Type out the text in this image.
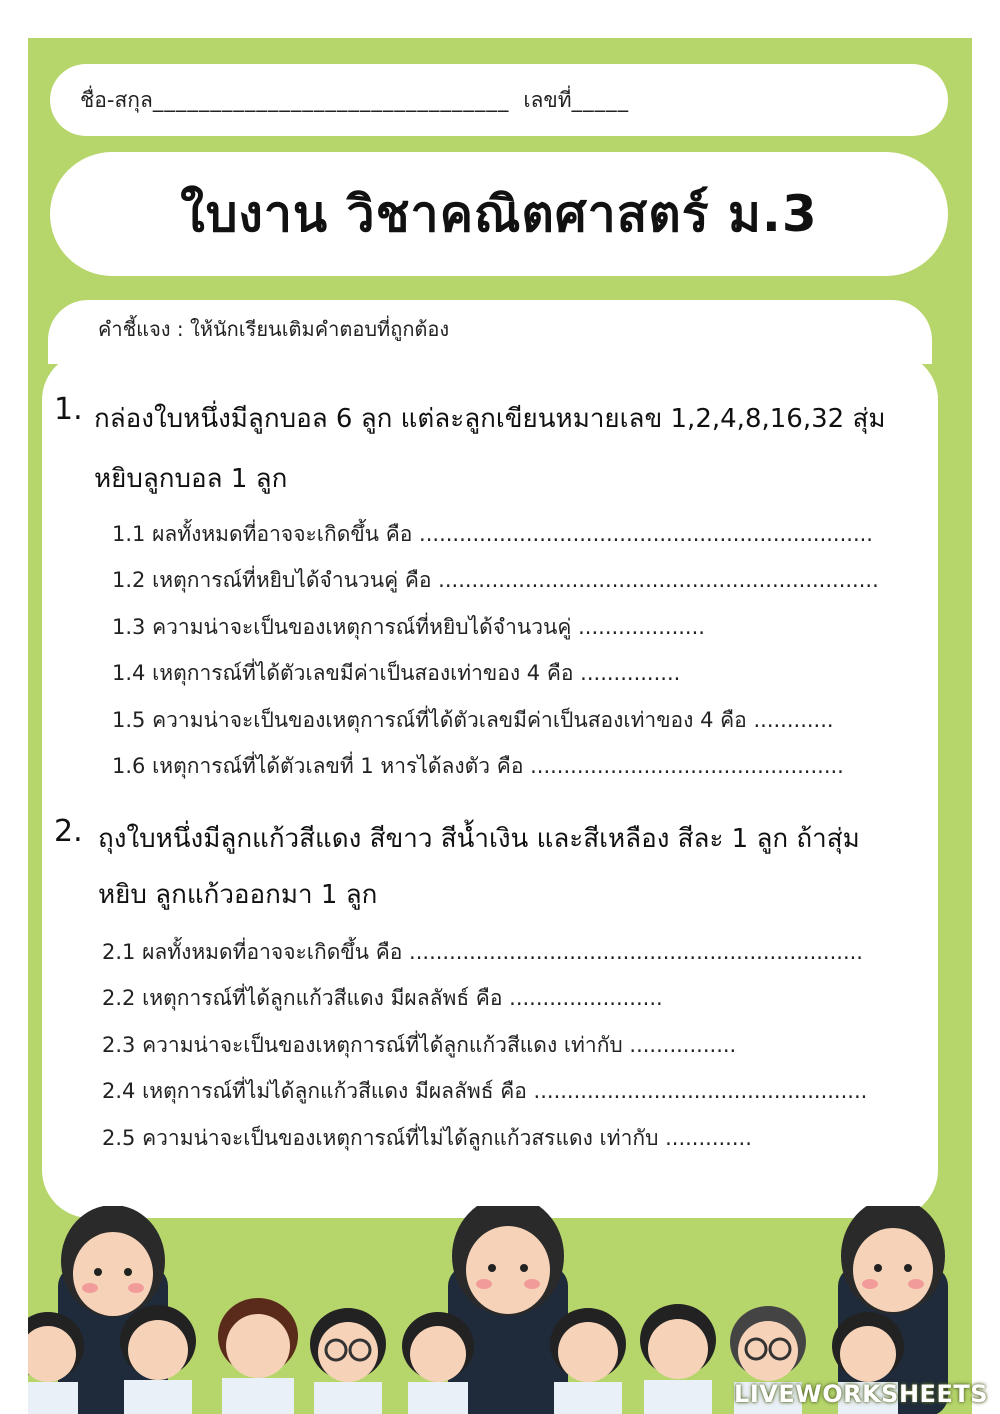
ชื่อ-สกุล _______________________________ เลขที่ _____
ใบงาน วิชาคณิตศาสตร์ ม.3
คำชี้แจง : ให้นักเรียนเติมคำตอบที่ถูกต้อง
1. กล่องใบหนึ่งมีลูกบอล 6 ลูก แต่ละลูกเขียนหมายเลข 1,2,4,8,16,32 สุ่ม
หยิบลูกบอล 1 ลูก
1.1 ผลทั้งหมดที่อาจจะเกิดขึ้น คือ ....................................................................
1.2 เหตุการณ์ที่หยิบได้จำนวนคู่ คือ ..................................................................
1.3 ความน่าจะเป็นของเหตุการณ์ที่หยิบได้จำนวนคู่ ...................
1.4 เหตุการณ์ที่ได้ตัวเลขมีค่าเป็นสองเท่าของ 4 คือ ...............
1.5 ความน่าจะเป็นของเหตุการณ์ที่ได้ตัวเลขมีค่าเป็นสองเท่าของ 4 คือ ............
1.6 เหตุการณ์ที่ได้ตัวเลขที่ 1 หารได้ลงตัว คือ ...............................................
2. ถุงใบหนึ่งมีลูกแก้วสีแดง สีขาว สีน้ำเงิน และสีเหลือง สีละ 1 ลูก ถ้าสุ่ม
หยิบ ลูกแก้วออกมา 1 ลูก
2.1 ผลทั้งหมดที่อาจจะเกิดขึ้น คือ ....................................................................
2.2 เหตุการณ์ที่ได้ลูกแก้วสีแดง มีผลลัพธ์ คือ .......................
2.3 ความน่าจะเป็นของเหตุการณ์ที่ได้ลูกแก้วสีแดง เท่ากับ ................
2.4 เหตุการณ์ที่ไม่ได้ลูกแก้วสีแดง มีผลลัพธ์ คือ ..................................................
2.5 ความน่าจะเป็นของเหตุการณ์ที่ไม่ได้ลูกแก้วสรแดง เท่ากับ .............
LIVEWORKSHEETS
